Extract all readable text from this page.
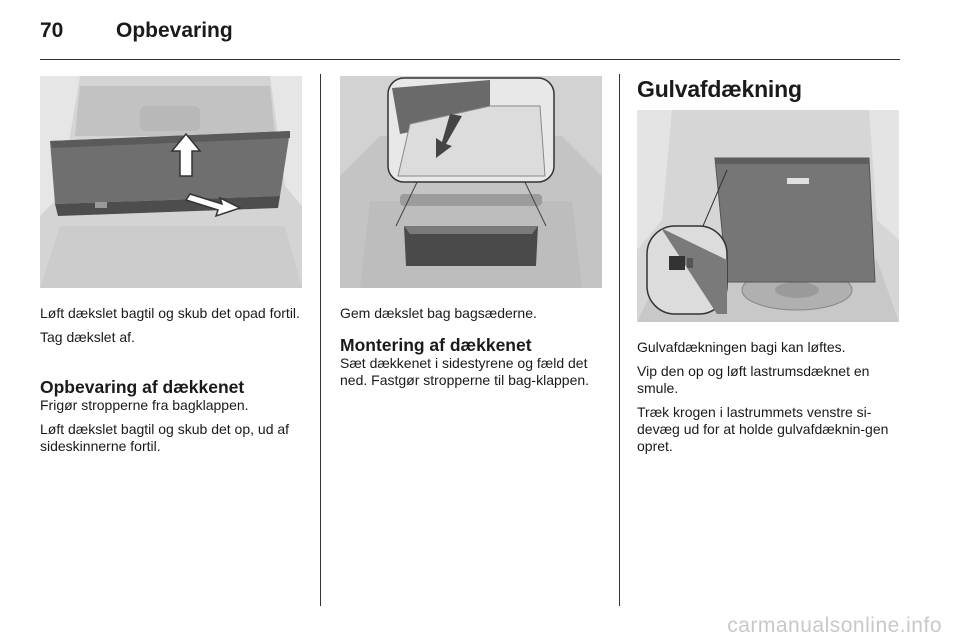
70	Opbevaring

Løft dækslet bagtil og skub det opad fortil.

Tag dækslet af.

Opbevaring af dækkenet

Frigør stropperne fra bagklappen.

Løft dækslet bagtil og skub det op, ud af sideskinnerne fortil.

Gem dækslet bag bagsæderne.

Montering af dækkenet

Sæt dækkenet i sidestyrene og fæld det ned. Fastgør stropperne til bag-klappen.

Gulvafdækning

Gulvafdækningen bagi kan løftes.

Vip den op og løft lastrumsdæknet en smule.

Træk krogen i lastrummets venstre si-devæg ud for at holde gulvafdæknin-gen opret.

carmanualsonline.info
